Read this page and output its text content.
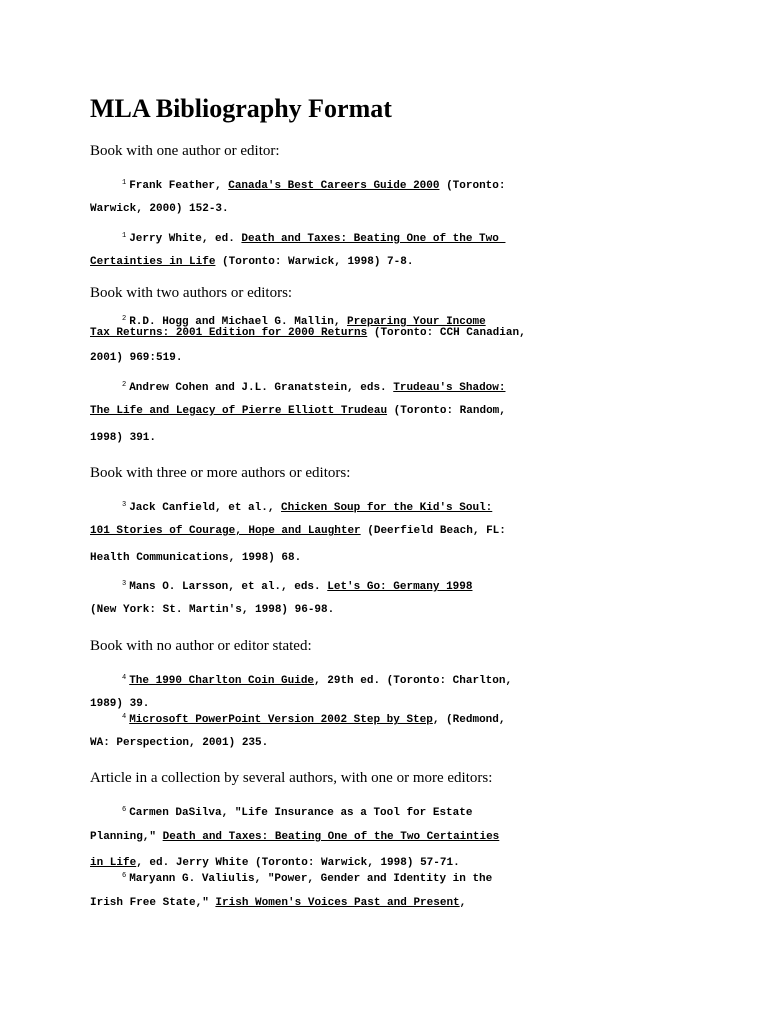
MLA Bibliography Format
Book with one author or editor:
$^1$ Frank Feather, Canada's Best Careers Guide 2000 (Toronto:
Warwick, 2000) 152-3.
$^1$ Jerry White, ed. Death and Taxes: Beating One of the Two
Certainties in Life (Toronto: Warwick, 1998) 7-8.
Book with two authors or editors:
$^2$ R.D. Hogg and Michael G. Mallin, Preparing Your Income
Tax Returns: 2001 Edition for 2000 Returns (Toronto: CCH Canadian,
2001) 969:519.
$^2$ Andrew Cohen and J.L. Granatstein, eds. Trudeau's Shadow:
The Life and Legacy of Pierre Elliott Trudeau (Toronto: Random,
1998) 391.
Book with three or more authors or editors:
$^3$ Jack Canfield, et al., Chicken Soup for the Kid's Soul:
101 Stories of Courage, Hope and Laughter (Deerfield Beach, FL:
Health Communications, 1998) 68.
$^3$ Mans O. Larsson, et al., eds. Let's Go: Germany 1998
(New York: St. Martin's, 1998) 96-98.
Book with no author or editor stated:
$^4$ The 1990 Charlton Coin Guide, 29th ed. (Toronto: Charlton,
1989) 39.
$^4$ Microsoft PowerPoint Version 2002 Step by Step, (Redmond,
WA: Perspection, 2001) 235.
Article in a collection by several authors, with one or more editors:
$^6$ Carmen DaSilva, "Life Insurance as a Tool for Estate
Planning," Death and Taxes: Beating One of the Two Certainties
in Life, ed. Jerry White (Toronto: Warwick, 1998) 57-71.
$^6$ Maryann G. Valiulis, "Power, Gender and Identity in the
Irish Free State," Irish Women's Voices Past and Present,
